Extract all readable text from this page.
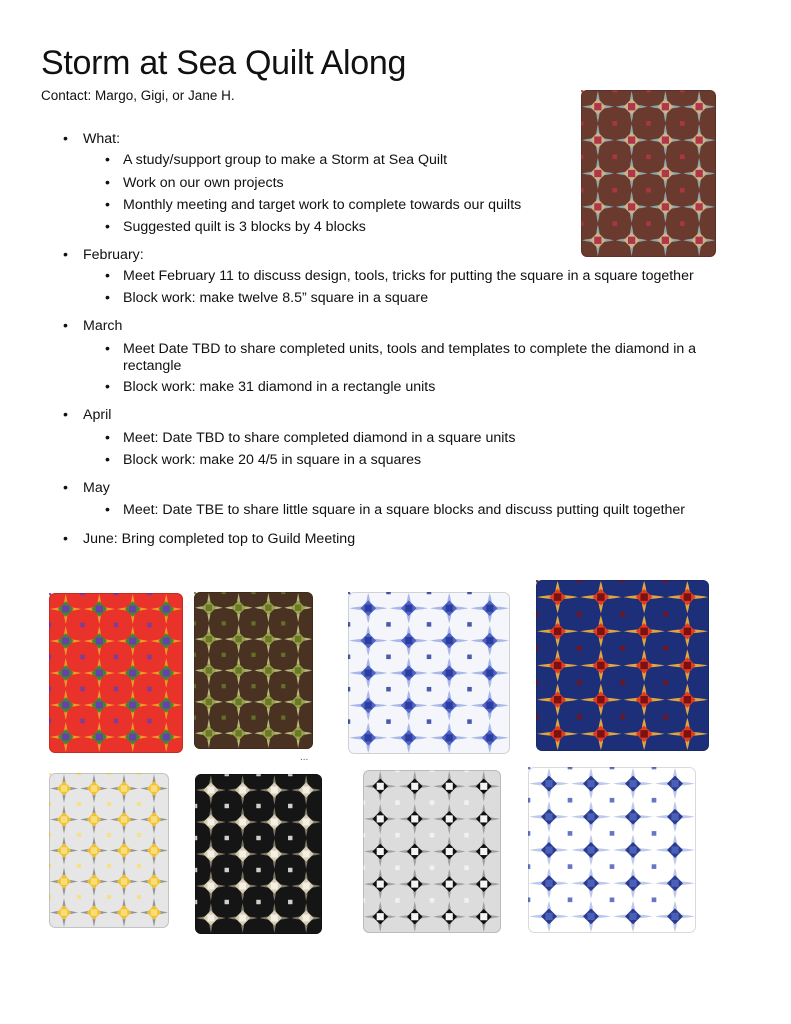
Storm at Sea Quilt Along
Contact: Margo, Gigi, or Jane H.
• What:
• A study/support group to make a Storm at Sea Quilt
• Work on our own projects
• Monthly meeting and target work to complete towards our quilts
• Suggested quilt is 3 blocks by 4 blocks
• February:
• Meet February 11 to discuss design, tools, tricks for putting the square in a square together
• Block work: make twelve 8.5” square in a square
• March
• Meet Date TBD to share completed units, tools and templates to complete the diamond in a rectangle
• Block work: make 31 diamond in a rectangle units
• April
• Meet: Date TBD to share completed diamond in a square units
• Block work: make 20 4/5 in square in a squares
• May
• Meet: Date TBE to share little square in a square blocks and discuss putting quilt together
• June: Bring completed top to Guild Meeting
...
